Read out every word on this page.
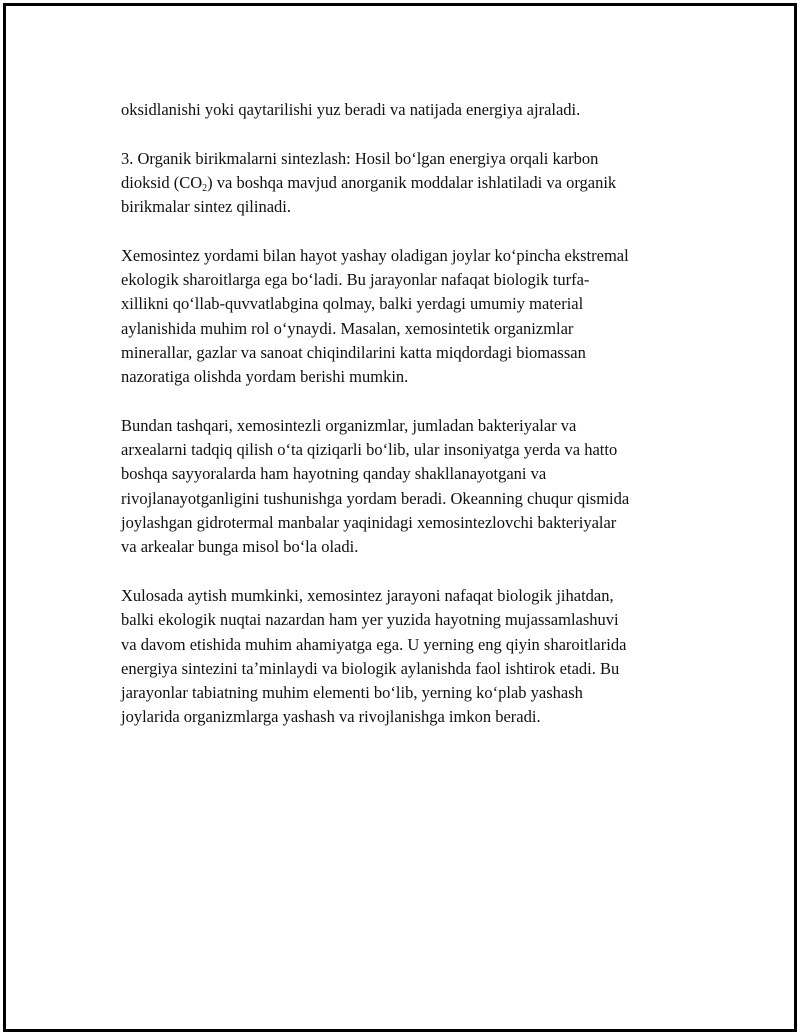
oksidlanishi yoki qaytarilishi yuz beradi va natijada energiya ajraladi.

3. Organik birikmalarni sintezlash: Hosil boʻlgan energiya orqali karbon
dioksid $(CO_2)$ va boshqa mavjud anorganik moddalar ishlatiladi va organik
birikmalar sintez qilinadi.

Xemosintez yordami bilan hayot yashay oladigan joylar koʻpincha ekstremal
ekologik sharoitlarga ega boʻladi. Bu jarayonlar nafaqat biologik turfa-
xillikni qoʻllab-quvvatlabgina qolmay, balki yerdagi umumiy material
aylanishida muhim rol oʻynaydi. Masalan, xemosintetik organizmlar
minerallar, gazlar va sanoat chiqindilarini katta miqdordagi biomassan
nazoratiga olishda yordam berishi mumkin.

Bundan tashqari, xemosintezli organizmlar, jumladan bakteriyalar va
arxealarni tadqiq qilish oʻta qiziqarli boʻlib, ular insoniyatga yerda va hatto
boshqa sayyoralarda ham hayotning qanday shakllanayotgani va
rivojlanayotganligini tushunishga yordam beradi. Okeanning chuqur qismida
joylashgan gidrotermal manbalar yaqinidagi xemosintezlovchi bakteriyalar
va arkealar bunga misol boʻla oladi.

Xulosada aytish mumkinki, xemosintez jarayoni nafaqat biologik jihatdan,
balki ekologik nuqtai nazardan ham yer yuzida hayotning mujassamlashuvi
va davom etishida muhim ahamiyatga ega. U yerning eng qiyin sharoitlarida
energiya sintezini taʼminlaydi va biologik aylanishda faol ishtirok etadi. Bu
jarayonlar tabiatning muhim elementi boʻlib, yerning koʻplab yashash
joylarida organizmlarga yashash va rivojlanishga imkon beradi.
